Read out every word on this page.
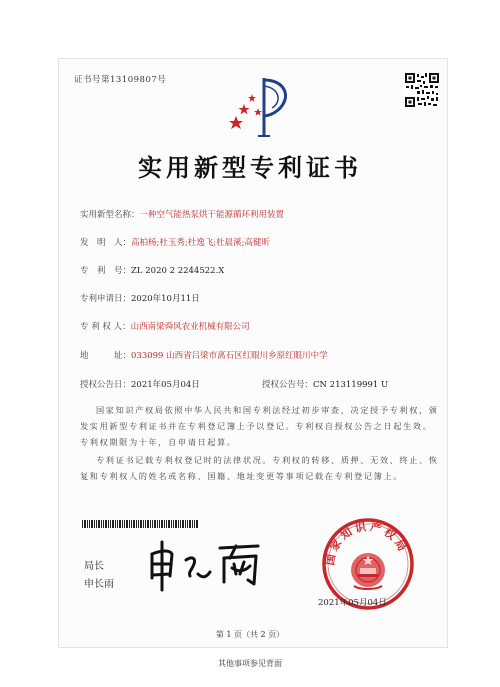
证书号第13109807号
实用新型专利证书
实用新型名称：一种空气能热泵烘干能源循环利用装置
发　明　人：高柏杨;杜玉秀;杜逸飞;杜晨溪;高健昕
专　利　号：ZL 2020 2 2244522.X
专利申请日：2020年10月11日
专 利 权 人：山西南梁舜风农业机械有限公司
地　　　址：033099 山西省吕梁市离石区红眼川乡原红眼川中学
授权公告日：2021年05月04日	授权公告号：CN 213119991 U
国家知识产权局依照中华人民共和国专利法经过初步审查，决定授予专利权，颁发实用新型专利证书并在专利登记簿上予以登记。专利权自授权公告之日起生效。专利权期限为十年，自申请日起算。
专利证书记载专利权登记时的法律状况。专利权的转移、质押、无效、终止、恢复和专利权人的姓名或名称、国籍、地址变更等事项记载在专利登记簿上。
局长
申长雨
国家知识产权局
2021年05月04日
第 1 页（共 2 页）
其他事项参见背面
